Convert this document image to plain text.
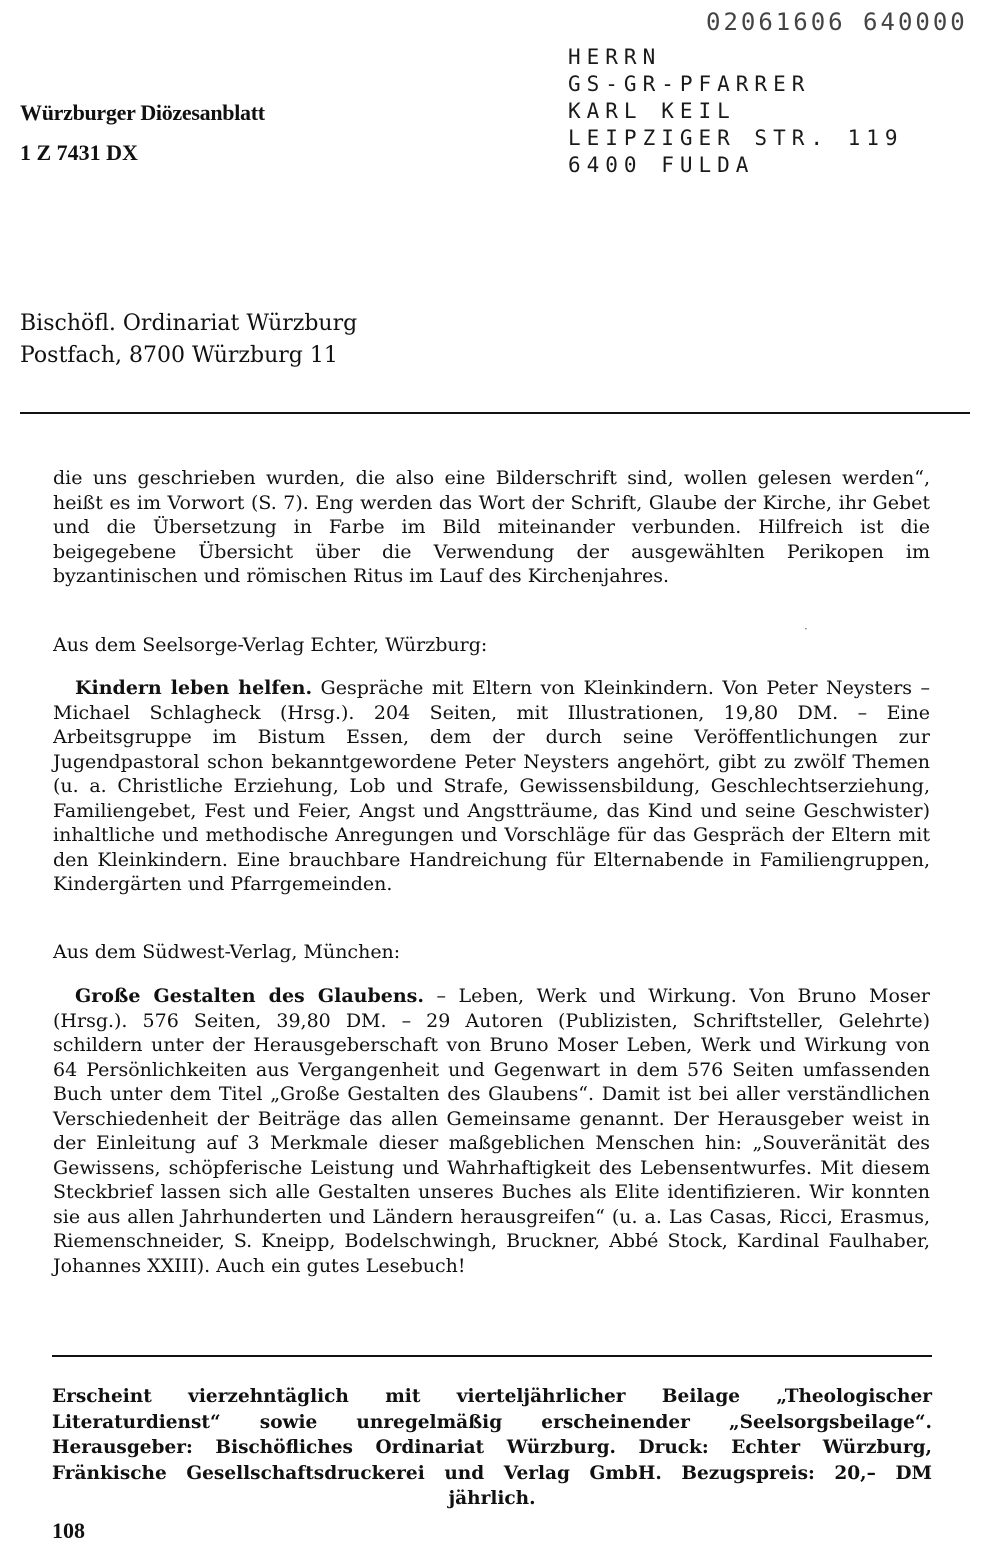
02061606 640000
HERRN
GS-GR-PFARRER
KARL KEIL
LEIPZIGER STR. 119
6400 FULDA
Würzburger Diözesanblatt
1 Z 7431 DX
Bischöfl. Ordinariat Würzburg
Postfach, 8700 Würzburg 11
die uns geschrieben wurden, die also eine Bilderschrift sind, wollen gelesen werden“, heißt es im Vorwort (S. 7). Eng werden das Wort der Schrift, Glaube der Kirche, ihr Gebet und die Übersetzung in Farbe im Bild miteinander verbunden. Hilfreich ist die beigegebene Übersicht über die Verwendung der ausgewählten Perikopen im byzantinischen und römischen Ritus im Lauf des Kirchenjahres.
·
Aus dem Seelsorge-Verlag Echter, Würzburg:
Kindern leben helfen. Gespräche mit Eltern von Kleinkindern. Von Peter Neysters – Michael Schlagheck (Hrsg.). 204 Seiten, mit Illustrationen, 19,80 DM. – Eine Arbeitsgruppe im Bistum Essen, dem der durch seine Veröffentlichungen zur Jugendpastoral schon bekanntgewordene Peter Neysters angehört, gibt zu zwölf Themen (u. a. Christliche Erziehung, Lob und Strafe, Gewissensbildung, Geschlechtserziehung, Familiengebet, Fest und Feier, Angst und Angstträume, das Kind und seine Geschwister) inhaltliche und methodische Anregungen und Vorschläge für das Gespräch der Eltern mit den Kleinkindern. Eine brauchbare Handreichung für Elternabende in Familiengruppen, Kindergärten und Pfarrgemeinden.
Aus dem Südwest-Verlag, München:
Große Gestalten des Glaubens. – Leben, Werk und Wirkung. Von Bruno Moser (Hrsg.). 576 Seiten, 39,80 DM. – 29 Autoren (Publizisten, Schriftsteller, Gelehrte) schildern unter der Herausgeberschaft von Bruno Moser Leben, Werk und Wirkung von 64 Persönlichkeiten aus Vergangenheit und Gegenwart in dem 576 Seiten umfassenden Buch unter dem Titel „Große Gestalten des Glaubens“. Damit ist bei aller verständlichen Verschiedenheit der Beiträge das allen Gemeinsame genannt. Der Herausgeber weist in der Einleitung auf 3 Merkmale dieser maßgeblichen Menschen hin: „Souveränität des Gewissens, schöpferische Leistung und Wahrhaftigkeit des Lebensentwurfes. Mit diesem Steckbrief lassen sich alle Gestalten unseres Buches als Elite identifizieren. Wir konnten sie aus allen Jahrhunderten und Ländern herausgreifen“ (u. a. Las Casas, Ricci, Erasmus, Riemenschneider, S. Kneipp, Bodelschwingh, Bruckner, Abbé Stock, Kardinal Faulhaber, Johannes XXIII). Auch ein gutes Lesebuch!
Erscheint vierzehntäglich mit vierteljährlicher Beilage „Theologischer Literaturdienst“ sowie unregelmäßig erscheinender „Seelsorgsbeilage“. Herausgeber: Bischöfliches Ordinariat Würzburg. Druck: Echter Würzburg, Fränkische Gesellschaftsdruckerei und Verlag GmbH. Bezugspreis: 20,– DM jährlich.
108
